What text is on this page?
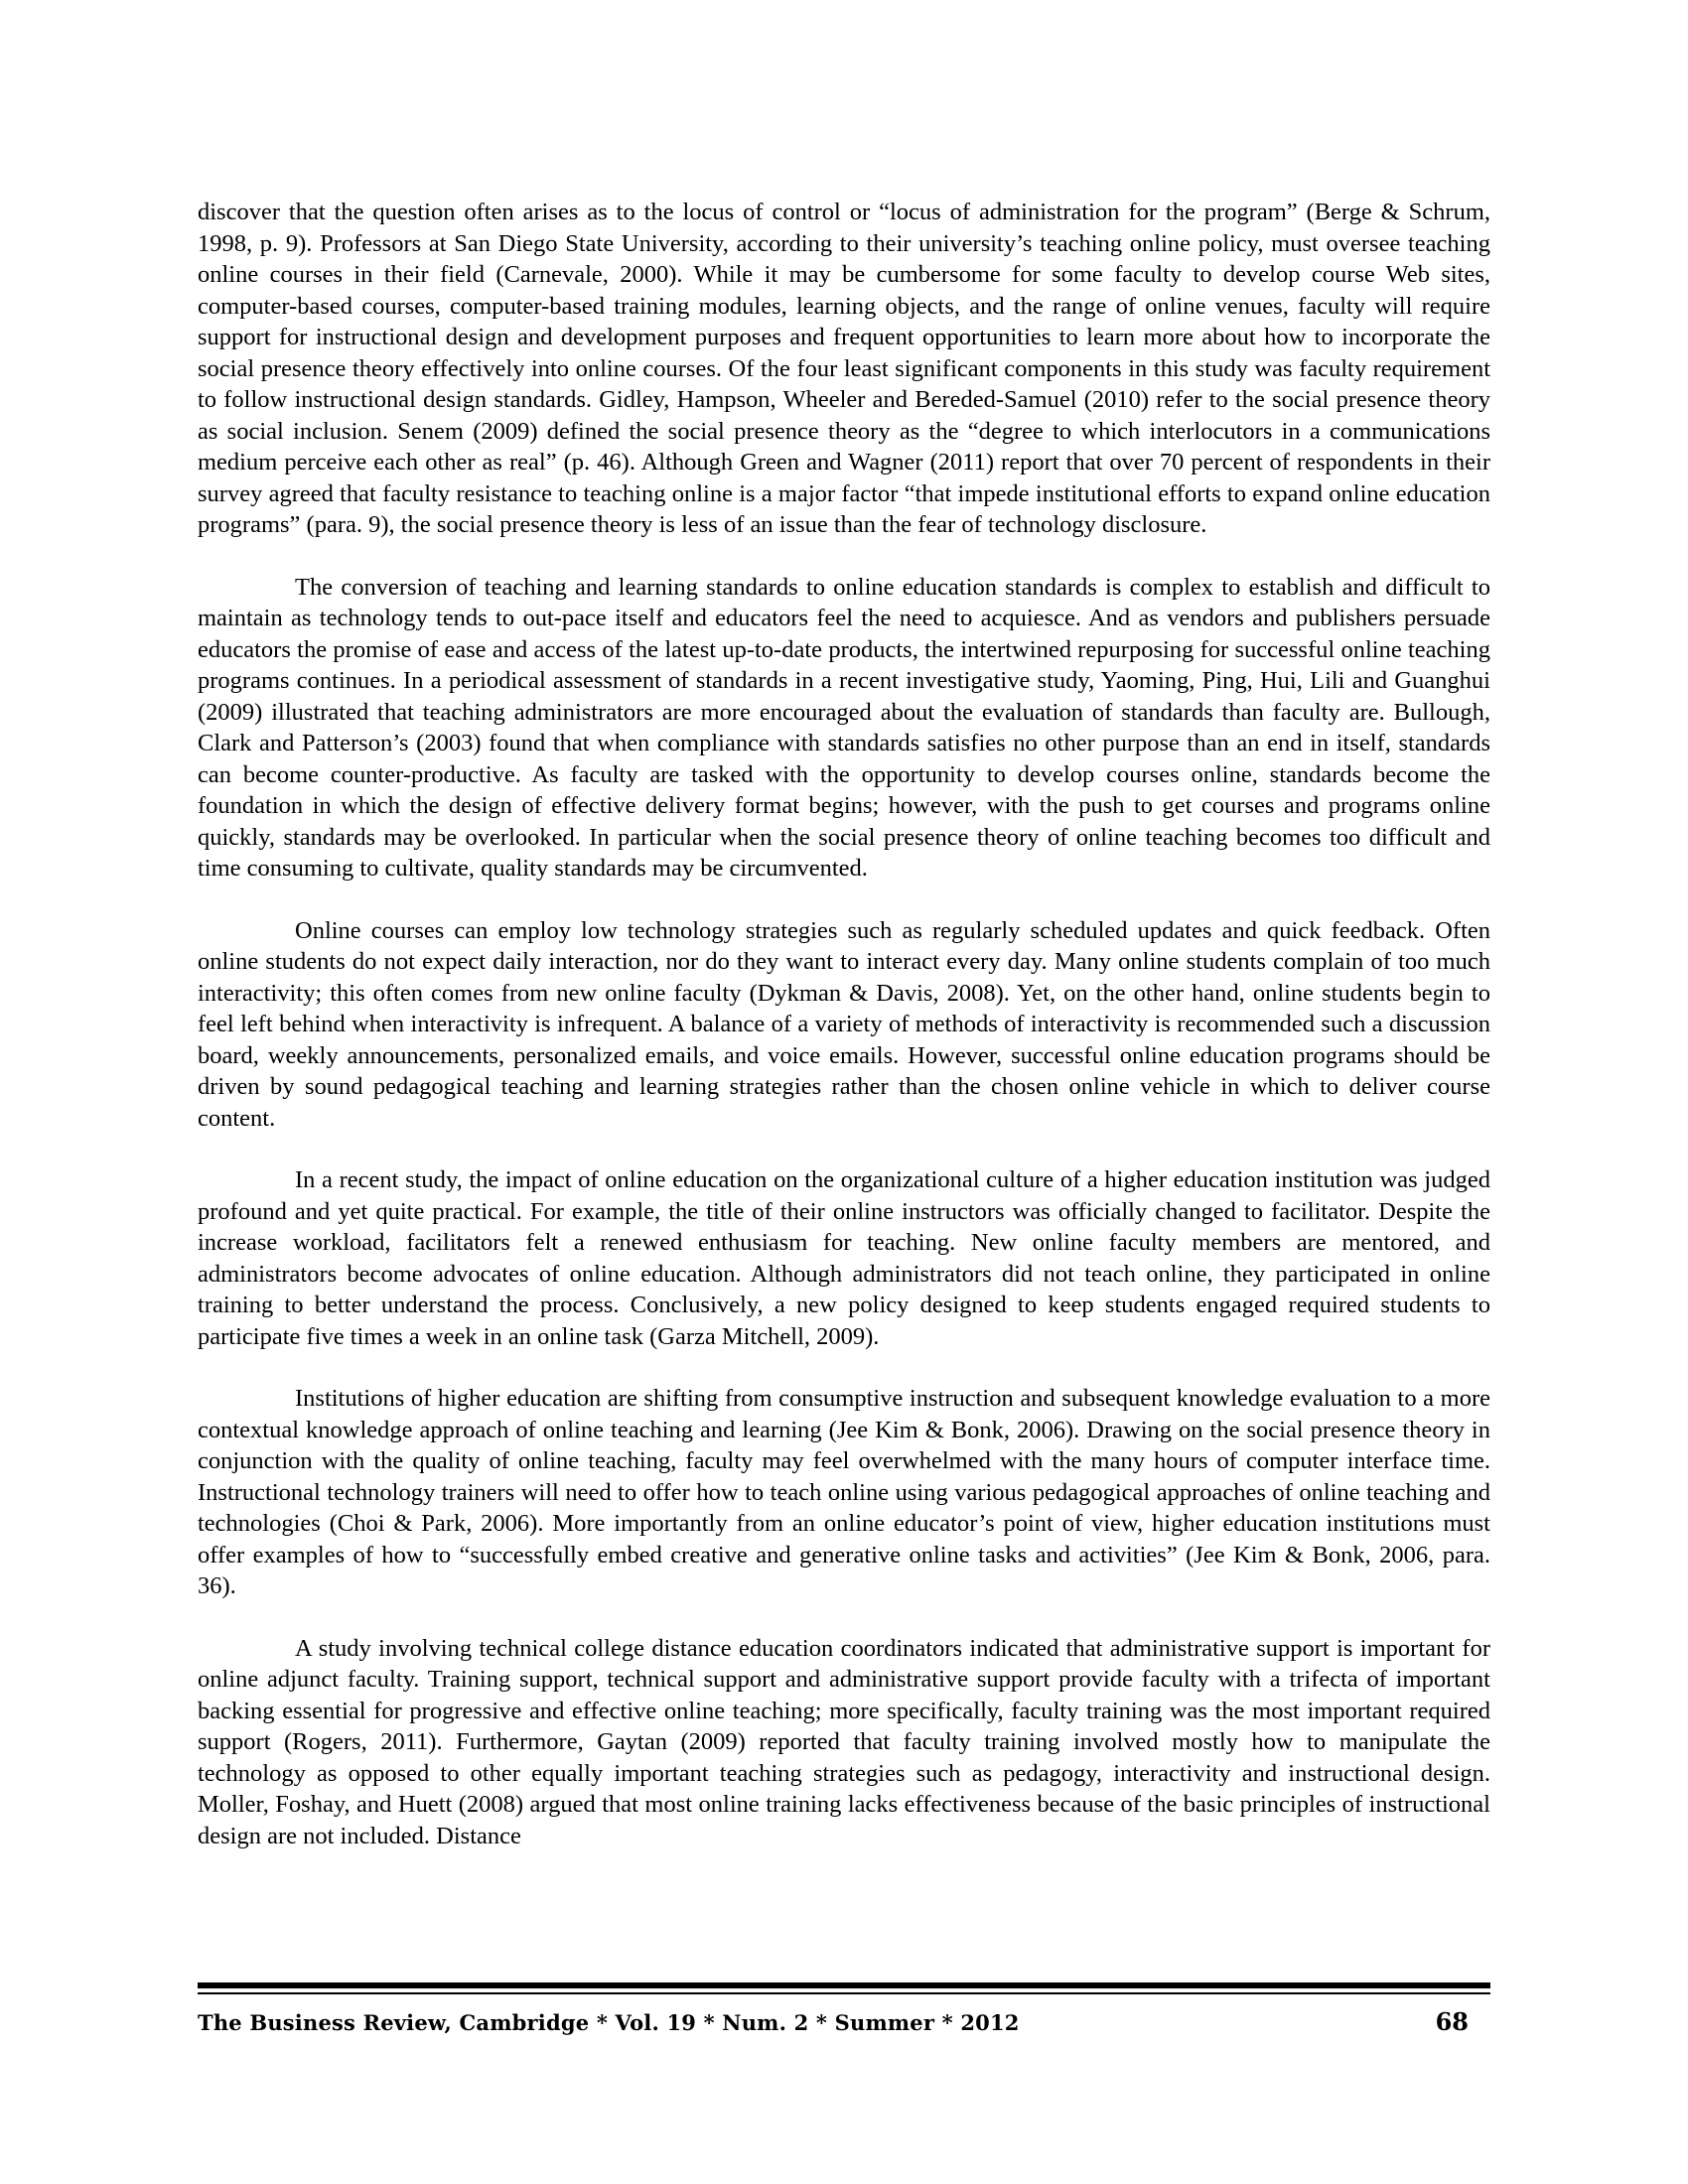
discover that the question often arises as to the locus of control or “locus of administration for the program” (Berge & Schrum, 1998, p. 9). Professors at San Diego State University, according to their university’s teaching online policy, must oversee teaching online courses in their field (Carnevale, 2000). While it may be cumbersome for some faculty to develop course Web sites, computer-based courses, computer-based training modules, learning objects, and the range of online venues, faculty will require support for instructional design and development purposes and frequent opportunities to learn more about how to incorporate the social presence theory effectively into online courses. Of the four least significant components in this study was faculty requirement to follow instructional design standards. Gidley, Hampson, Wheeler and Bereded-Samuel (2010) refer to the social presence theory as social inclusion. Senem (2009) defined the social presence theory as the “degree to which interlocutors in a communications medium perceive each other as real” (p. 46). Although Green and Wagner (2011) report that over 70 percent of respondents in their survey agreed that faculty resistance to teaching online is a major factor “that impede institutional efforts to expand online education programs” (para. 9), the social presence theory is less of an issue than the fear of technology disclosure.

The conversion of teaching and learning standards to online education standards is complex to establish and difficult to maintain as technology tends to out-pace itself and educators feel the need to acquiesce. And as vendors and publishers persuade educators the promise of ease and access of the latest up-to-date products, the intertwined repurposing for successful online teaching programs continues. In a periodical assessment of standards in a recent investigative study, Yaoming, Ping, Hui, Lili and Guanghui (2009) illustrated that teaching administrators are more encouraged about the evaluation of standards than faculty are. Bullough, Clark and Patterson’s (2003) found that when compliance with standards satisfies no other purpose than an end in itself, standards can become counter-productive. As faculty are tasked with the opportunity to develop courses online, standards become the foundation in which the design of effective delivery format begins; however, with the push to get courses and programs online quickly, standards may be overlooked. In particular when the social presence theory of online teaching becomes too difficult and time consuming to cultivate, quality standards may be circumvented.

Online courses can employ low technology strategies such as regularly scheduled updates and quick feedback. Often online students do not expect daily interaction, nor do they want to interact every day. Many online students complain of too much interactivity; this often comes from new online faculty (Dykman & Davis, 2008). Yet, on the other hand, online students begin to feel left behind when interactivity is infrequent. A balance of a variety of methods of interactivity is recommended such a discussion board, weekly announcements, personalized emails, and voice emails. However, successful online education programs should be driven by sound pedagogical teaching and learning strategies rather than the chosen online vehicle in which to deliver course content.

In a recent study, the impact of online education on the organizational culture of a higher education institution was judged profound and yet quite practical. For example, the title of their online instructors was officially changed to facilitator. Despite the increase workload, facilitators felt a renewed enthusiasm for teaching. New online faculty members are mentored, and administrators become advocates of online education. Although administrators did not teach online, they participated in online training to better understand the process. Conclusively, a new policy designed to keep students engaged required students to participate five times a week in an online task (Garza Mitchell, 2009).

Institutions of higher education are shifting from consumptive instruction and subsequent knowledge evaluation to a more contextual knowledge approach of online teaching and learning (Jee Kim & Bonk, 2006). Drawing on the social presence theory in conjunction with the quality of online teaching, faculty may feel overwhelmed with the many hours of computer interface time. Instructional technology trainers will need to offer how to teach online using various pedagogical approaches of online teaching and technologies (Choi & Park, 2006). More importantly from an online educator’s point of view, higher education institutions must offer examples of how to “successfully embed creative and generative online tasks and activities” (Jee Kim & Bonk, 2006, para. 36).

A study involving technical college distance education coordinators indicated that administrative support is important for online adjunct faculty. Training support, technical support and administrative support provide faculty with a trifecta of important backing essential for progressive and effective online teaching; more specifically, faculty training was the most important required support (Rogers, 2011). Furthermore, Gaytan (2009) reported that faculty training involved mostly how to manipulate the technology as opposed to other equally important teaching strategies such as pedagogy, interactivity and instructional design. Moller, Foshay, and Huett (2008) argued that most online training lacks effectiveness because of the basic principles of instructional design are not included. Distance

The Business Review, Cambridge * Vol. 19 * Num. 2 * Summer * 2012	68
